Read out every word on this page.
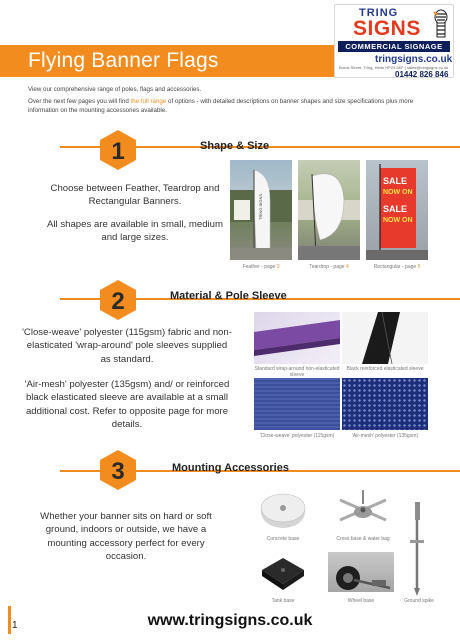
Flying Banner Flags
TRING
SIGNS
COMMERCIAL SIGNAGE
tringsigns.co.uk
Brook Street, Tring, Herts HP23 5EF | sales@tringsigns.co.uk
01442 826 846
View our comprehensive range of poles, flags and accessories.
Over the next few pages you will find the full range of options - with detailed descriptions on banner shapes and size specifications plus more information on the mounting accessories available.
Shape & Size
1
Choose between Feather, Teardrop and Rectangular Banners.
All shapes are available in small, medium and large sizes.
TRING SIGNS
SALE
NOW ON
SALE
NOW ON
Feather - page 3	Teardrop - page 4	Rectangular - page 5
Material & Pole Sleeve
2
'Close-weave' polyester (115gsm) fabric and non-elasticated 'wrap-around' pole sleeves supplied as standard.
'Air-mesh' polyester (135gsm) and/ or reinforced black elasticated sleeve are available at a small additional cost. Refer to opposite page for more details.
Standard wrap-around non-elasticated sleeve
Black reinforced elasticated sleeve
'Close-weave' polyester (115gsm)	'Air-mesh' polyester (135gsm)
Mounting Accessories
3
Whether your banner sits on hard or soft ground, indoors or outside, we have a mounting accessory perfect for every occasion.
Concrete base	Cross base & water bag
Tank base	Wheel base	Ground spike
1	www.tringsigns.co.uk
